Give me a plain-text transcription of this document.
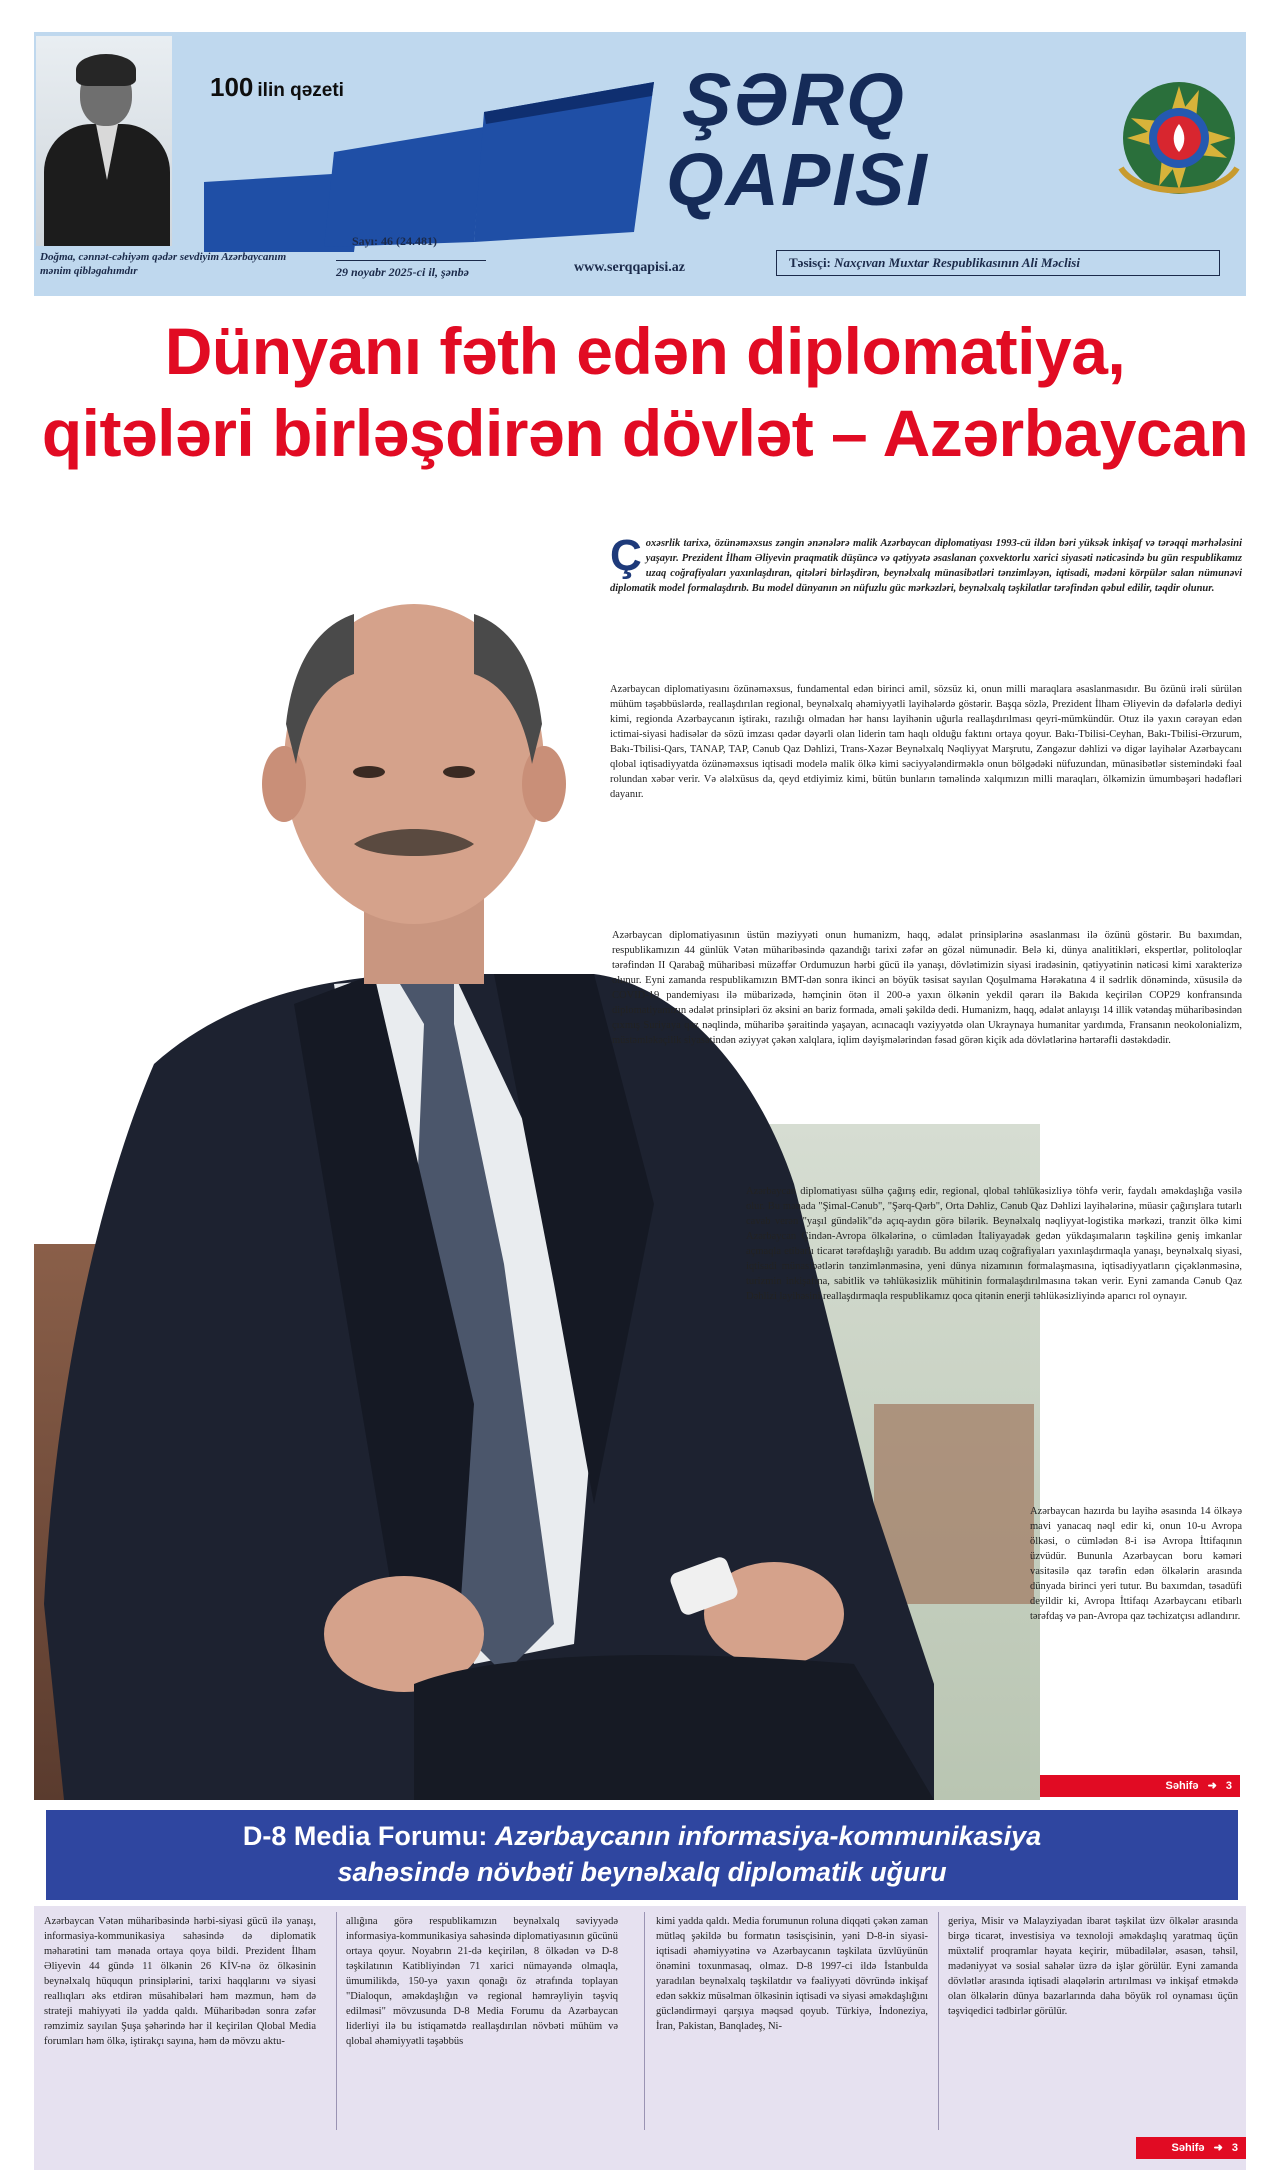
100 ilin qəzeti
Sayı: 46 (24.481)
29 noyabr 2025-ci il, şənbə	www.serqqapisi.az
ŞƏRQ
QAPISI
Doğma, cənnət-cəhiyəm qədər sevdiyim Azərbaycanım mənim qibləgahımdır
Təsisçi: Naxçıvan Muxtar Respublikasının Ali Məclisi
Dünyanı fəth edən diplomatiya,
qitələri birləşdirən dövlət – Azərbaycan
Ç oxəsrlik tarixə, özünəməxsus zəngin ənənələrə malik Azərbaycan diplomatiyası 1993-cü ildən bəri yüksək inkişaf və tərəqqi mərhələsini yaşayır. Prezident İlham Əliyevin praqmatik düşüncə və qətiyyətə əsaslanan çoxvektorlu xarici siyasəti nəticəsində bu gün respublikamız uzaq coğrafiyaları yaxınlaşdıran, qitələri birləşdirən, beynəlxalq münasibətləri tənzimləyən, iqtisadi, mədəni körpülər salan nümunəvi diplomatik model formalaşdırıb. Bu model dünyanın ən nüfuzlu güc mərkəzləri, beynəlxalq təşkilatlar tərəfindən qəbul edilir, təqdir olunur.
Azərbaycan diplomatiyasını özünəməxsus, fundamental edən birinci amil, sözsüz ki, onun milli maraqlara əsaslanmasıdır. Bu özünü irəli sürülən mühüm təşəbbüslərdə, reallaşdırılan regional, beynəlxalq əhəmiyyətli layihələrdə göstərir. Başqa sözlə, Prezident İlham Əliyevin də dəfələrlə dediyi kimi, regionda Azərbaycanın iştirakı, razılığı olmadan hər hansı layihənin uğurla reallaşdırılması qeyri-mümkündür. Otuz ilə yaxın cərəyan edən ictimai-siyasi hadisələr də sözü imzası qədər dəyərli olan liderin tam haqlı olduğu faktını ortaya qoyur. Bakı-Tbilisi-Ceyhan, Bakı-Tbilisi-Ərzurum, Bakı-Tbilisi-Qars, TANAP, TAP, Cənub Qaz Dəhlizi, Trans-Xəzər Beynəlxalq Nəqliyyat Marşrutu, Zəngəzur dəhlizi və digər layihələr Azərbaycanı qlobal iqtisadiyyatda özünəməxsus iqtisadi modelə malik ölkə kimi səciyyələndirməklə onun bölgədəki nüfuzundan, münasibətlər sistemindəki fəal rolundan xəbər verir. Və ələlxüsus da, qeyd etdiyimiz kimi, bütün bunların təməlində xalqımızın milli maraqları, ölkəmizin ümumbəşəri hədəfləri dayanır.
Azərbaycan diplomatiyasının üstün məziyyəti onun humanizm, haqq, ədalət prinsiplərinə əsaslanması ilə özünü göstərir. Bu baxımdan, respublikamızın 44 günlük Vətən müharibəsində qazandığı tarixi zəfər ən gözəl nümunədir. Belə ki, dünya analitikləri, ekspertlər, politoloqlar tərəfindən II Qarabağ müharibəsi müzəffər Ordumuzun hərbi gücü ilə yanaşı, dövlətimizin siyasi iradəsinin, qətiyyətinin nəticəsi kimi xarakterizə olunur. Eyni zamanda respublikamızın BMT-dən sonra ikinci ən böyük təsisat sayılan Qoşulmama Hərəkatına 4 il sədrlik dönəmində, xüsusilə də COVID-19 pandemiyası ilə mübarizədə, həmçinin ötən il 200-ə yaxın ölkənin yekdil qərarı ilə Bakıda keçirilən COP29 konfransında diplomatiyamızın ədalət prinsipləri öz əksini ən bariz formada, əməli şəkildə dedi. Humanizm, haqq, ədalət anlayışı 14 illik vətəndaş müharibəsindən çıxmış Suriyaya qaz nəqlində, müharibə şəraitində yaşayan, acınacaqlı vəziyyətdə olan Ukraynaya humanitar yardımda, Fransanın neokolonializm, müstəmləkəçilik siyasətindən əziyyət çəkən xalqlara, iqlim dəyişmələrindən fəsad görən kiçik ada dövlətlərinə hərtərəfli dəstəkdədir.
Azərbaycan diplomatiyası sülhə çağırış edir, regional, qlobal təhlükəsizliyə töhfə verir, faydalı əməkdaşlığa vəsilə olur. Bu mənada "Şimal-Cənub", "Şərq-Qərb", Orta Dəhliz, Cənub Qaz Dəhlizi layihələrinə, müasir çağırışlara tutarlı cavab verən "yaşıl gündəlik"də açıq-aydın görə bilərik. Beynəlxalq nəqliyyat-logistika mərkəzi, tranzit ölkə kimi Azərbaycan Çindən-Avropa ölkələrinə, o cümlədən İtaliyayadək gedən yükdaşımaların təşkilinə geniş imkanlar açmaqla etibarlı ticarət tərəfdaşlığı yaradıb. Bu addım uzaq coğrafiyaları yaxınlaşdırmaqla yanaşı, beynəlxalq siyasi, iqtisadi münasibətlərin tənzimlənməsinə, yeni dünya nizamının formalaşmasına, iqtisadiyyatların çiçəklənməsinə, turizmin inkişafına, sabitlik və təhlükəsizlik mühitinin formalaşdırılmasına təkan verir. Eyni zamanda Cənub Qaz Dəhlizi layihəsini reallaşdırmaqla respublikamız qoca qitənin enerji təhlükəsizliyində aparıcı rol oynayır.
Azərbaycan hazırda bu layihə əsasında 14 ölkəyə mavi yanacaq nəql edir ki, onun 10-u Avropa ölkəsi, o cümlədən 8-i isə Avropa İttifaqının üzvüdür. Bununla Azərbaycan boru kəməri vasitəsilə qaz tərəfin edən ölkələrin arasında dünyada birinci yeri tutur. Bu baxımdan, təsadüfi deyildir ki, Avropa İttifaqı Azərbaycanı etibarlı tərəfdaş və pan-Avropa qaz təchizatçısı adlandırır.
Səhifə ➜ 3
D-8 Media Forumu: Azərbaycanın informasiya-kommunikasiya
sahəsində növbəti beynəlxalq diplomatik uğuru
Azərbaycan Vətən müharibəsində hərbi-siyasi gücü ilə yanaşı, informasiya-kommunikasiya sahəsində də diplomatik məharətini tam mənada ortaya qoya bildi. Prezident İlham Əliyevin 44 gündə 11 ölkənin 26 KİV-nə öz ölkəsinin beynəlxalq hüququn prinsiplərini, tarixi haqqlarını və siyasi reallıqları əks etdirən müsahibələri həm məzmun, həm də strateji mahiyyəti ilə yadda qaldı. Müharibədən sonra zəfər rəmzimiz sayılan Şuşa şəhərində hər il keçirilən Qlobal Media forumları həm ölkə, iştirakçı sayına, həm də mövzu aktu-
allığına görə respublikamızın beynəlxalq səviyyədə informasiya-kommunikasiya sahəsində diplomatiyasının gücünü ortaya qoyur. Noyabrın 21-də keçirilən, 8 ölkədən və D-8 təşkilatının Katibliyindən 71 xarici nümayəndə olmaqla, ümumilikdə, 150-yə yaxın qonağı öz ətrafında toplayan "Dialoqun, əməkdaşlığın və regional həmrəyliyin təşviq edilməsi" mövzusunda D-8 Media Forumu da Azərbaycan liderliyi ilə bu istiqamətdə reallaşdırılan növbəti mühüm və qlobal əhəmiyyətli təşəbbüs
kimi yadda qaldı. Media forumunun roluna diqqəti çəkən zaman mütləq şəkildə bu formatın təsisçisinin, yəni D-8-in siyasi-iqtisadi əhəmiyyətinə və Azərbaycanın təşkilata üzvlüyünün önəmini toxunmasaq, olmaz. D-8 1997-ci ildə İstanbulda yaradılan beynəlxalq təşkilatdır və fəaliyyəti dövründə inkişaf edən səkkiz müsəlman ölkəsinin iqtisadi və siyasi əməkdaşlığını gücləndirməyi qarşıya məqsəd qoyub. Türkiyə, İndoneziya, İran, Pakistan, Banqladeş, Ni-
geriya, Misir və Malayziyadan ibarət təşkilat üzv ölkələr arasında birgə ticarət, investisiya və texnoloji əməkdaşlıq yaratmaq üçün müxtəlif proqramlar həyata keçirir, mübadilələr, əsasən, təhsil, mədəniyyət və sosial sahələr üzrə də işlər görülür. Eyni zamanda dövlətlər arasında iqtisadi əlaqələrin artırılması və inkişaf etməkdə olan ölkələrin dünya bazarlarında daha böyük rol oynaması üçün təşviqedici tədbirlər görülür.
Səhifə ➜ 3
